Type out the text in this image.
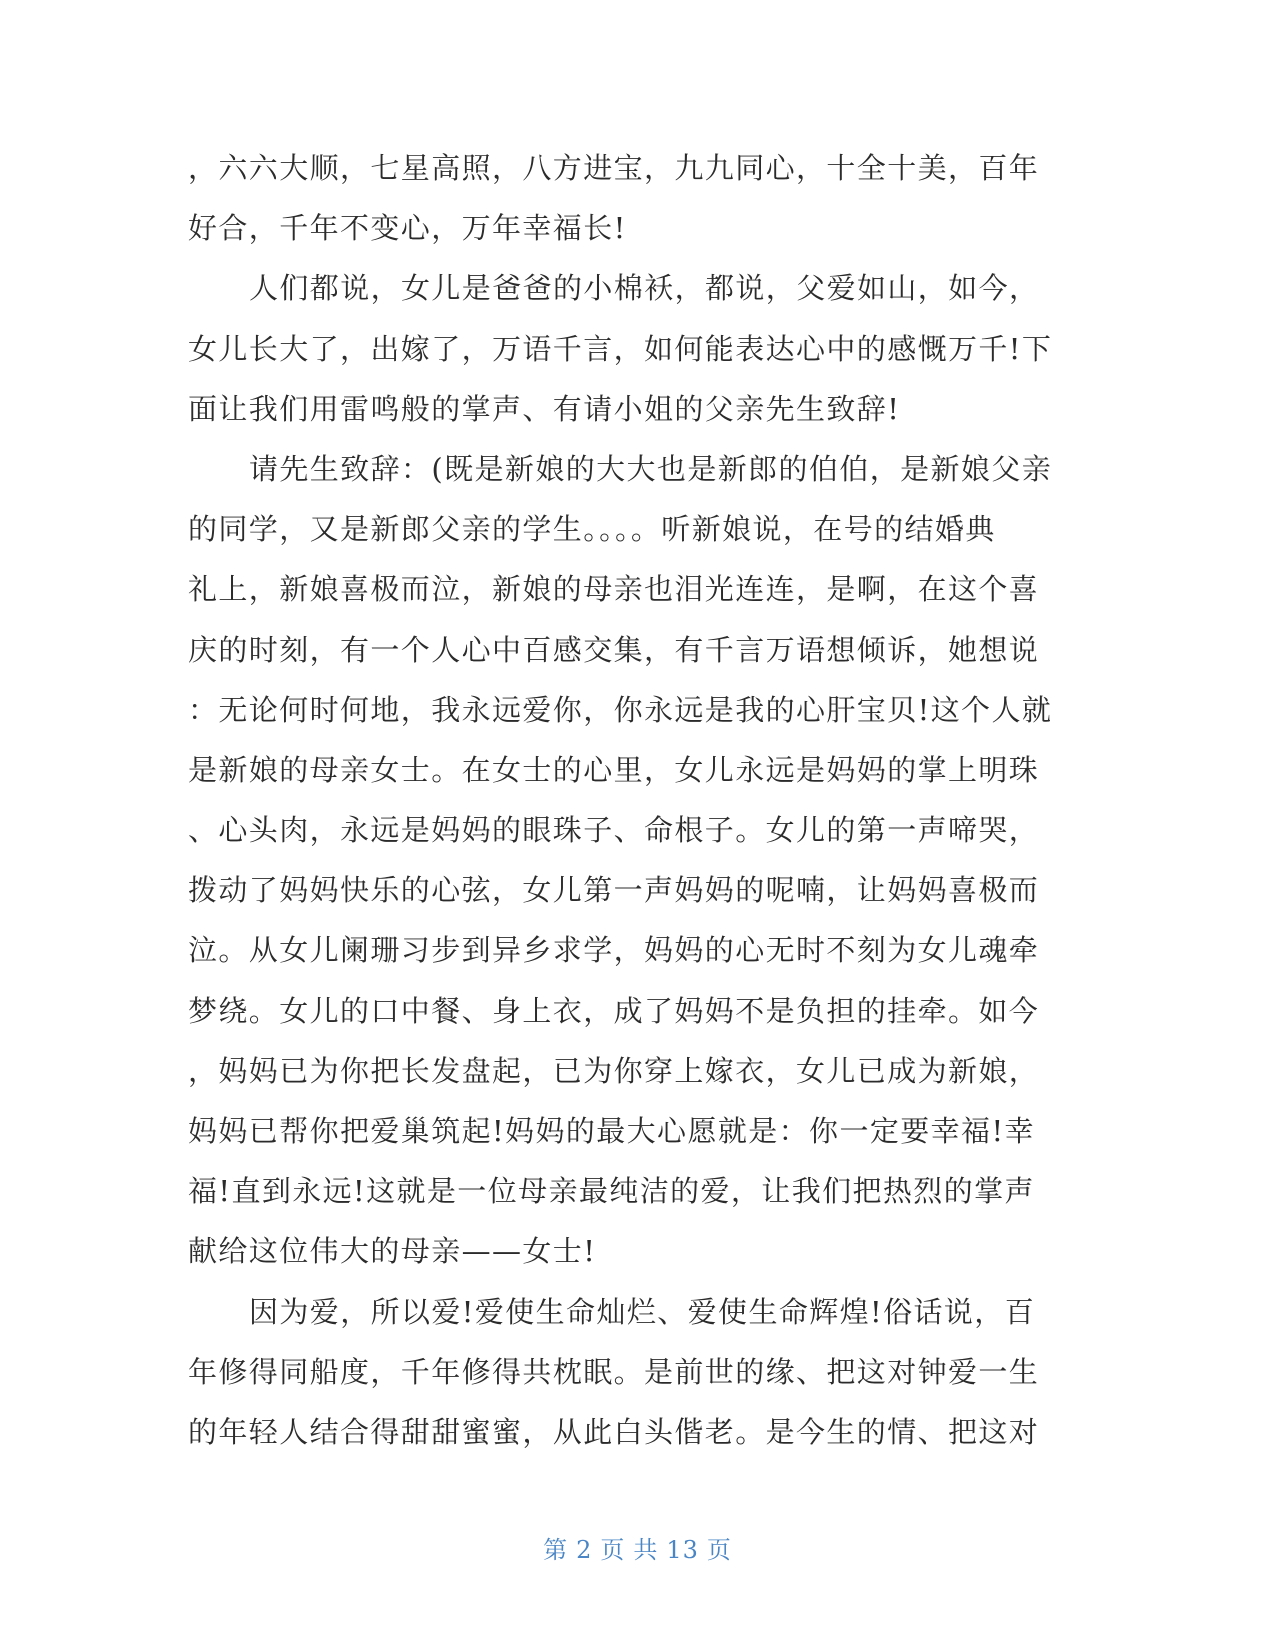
，六六大顺，七星高照，八方进宝，九九同心，十全十美，百年
好合，千年不变心，万年幸福长!
人们都说，女儿是爸爸的小棉袄，都说，父爱如山，如今，
女儿长大了，出嫁了，万语千言，如何能表达心中的感慨万千!下
面让我们用雷鸣般的掌声、有请小姐的父亲先生致辞!
请先生致辞：(既是新娘的大大也是新郎的伯伯，是新娘父亲
的同学，又是新郎父亲的学生。。。。听新娘说，在号的结婚典
礼上，新娘喜极而泣，新娘的母亲也泪光连连，是啊，在这个喜
庆的时刻，有一个人心中百感交集，有千言万语想倾诉，她想说
：无论何时何地，我永远爱你，你永远是我的心肝宝贝!这个人就
是新娘的母亲女士。在女士的心里，女儿永远是妈妈的掌上明珠
、心头肉，永远是妈妈的眼珠子、命根子。女儿的第一声啼哭，
拨动了妈妈快乐的心弦，女儿第一声妈妈的呢喃，让妈妈喜极而
泣。从女儿阑珊习步到异乡求学，妈妈的心无时不刻为女儿魂牵
梦绕。女儿的口中餐、身上衣，成了妈妈不是负担的挂牵。如今
，妈妈已为你把长发盘起，已为你穿上嫁衣，女儿已成为新娘，
妈妈已帮你把爱巢筑起!妈妈的最大心愿就是：你一定要幸福!幸
福!直到永远!这就是一位母亲最纯洁的爱，让我们把热烈的掌声
献给这位伟大的母亲——女士!
因为爱，所以爱!爱使生命灿烂、爱使生命辉煌!俗话说，百
年修得同船度，千年修得共枕眠。是前世的缘、把这对钟爱一生
的年轻人结合得甜甜蜜蜜，从此白头偕老。是今生的情、把这对
第 2 页 共 13 页
